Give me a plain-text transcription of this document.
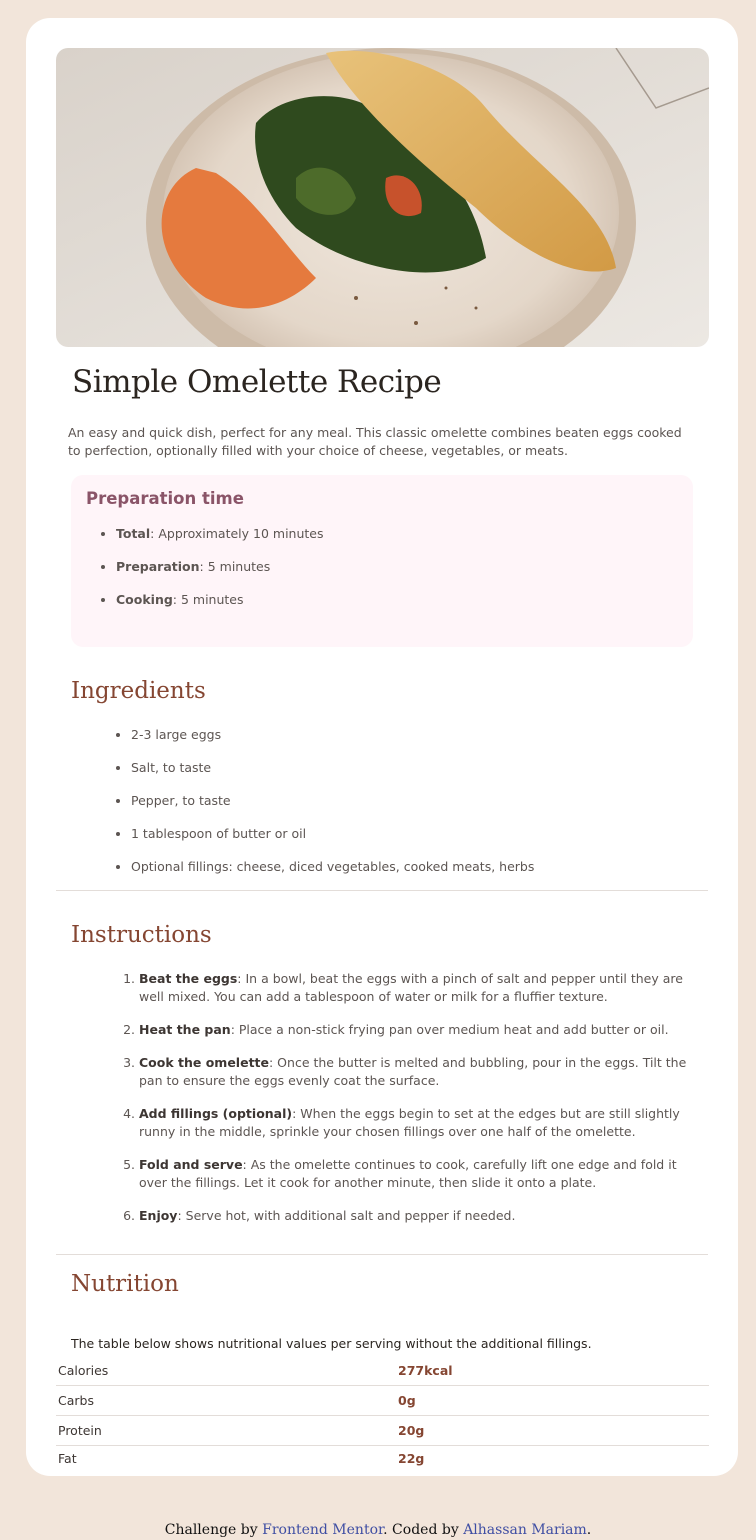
Simple Omelette Recipe

An easy and quick dish, perfect for any meal. This classic omelette combines beaten eggs cooked to perfection, optionally filled with your choice of cheese, vegetables, or meats.

Preparation time
• Total: Approximately 10 minutes
• Preparation: 5 minutes
• Cooking: 5 minutes
Ingredients
• 2-3 large eggs
• Salt, to taste
• Pepper, to taste
• 1 tablespoon of butter or oil
• Optional fillings: cheese, diced vegetables, cooked meats, herbs
Instructions
1. Beat the eggs: In a bowl, beat the eggs with a pinch of salt and pepper until they are well mixed. You can add a tablespoon of water or milk for a fluffier texture.
2. Heat the pan: Place a non-stick frying pan over medium heat and add butter or oil.
3. Cook the omelette: Once the butter is melted and bubbling, pour in the eggs. Tilt the pan to ensure the eggs evenly coat the surface.
4. Add fillings (optional): When the eggs begin to set at the edges but are still slightly runny in the middle, sprinkle your chosen fillings over one half of the omelette.
5. Fold and serve: As the omelette continues to cook, carefully lift one edge and fold it over the fillings. Let it cook for another minute, then slide it onto a plate.
6. Enjoy: Serve hot, with additional salt and pepper if needed.
Nutrition

The table below shows nutritional values per serving without the additional fillings.

Calories	277kcal
Carbs	0g
Protein	20g
Fat	22g
Challenge by Frontend Mentor. Coded by Alhassan Mariam.
